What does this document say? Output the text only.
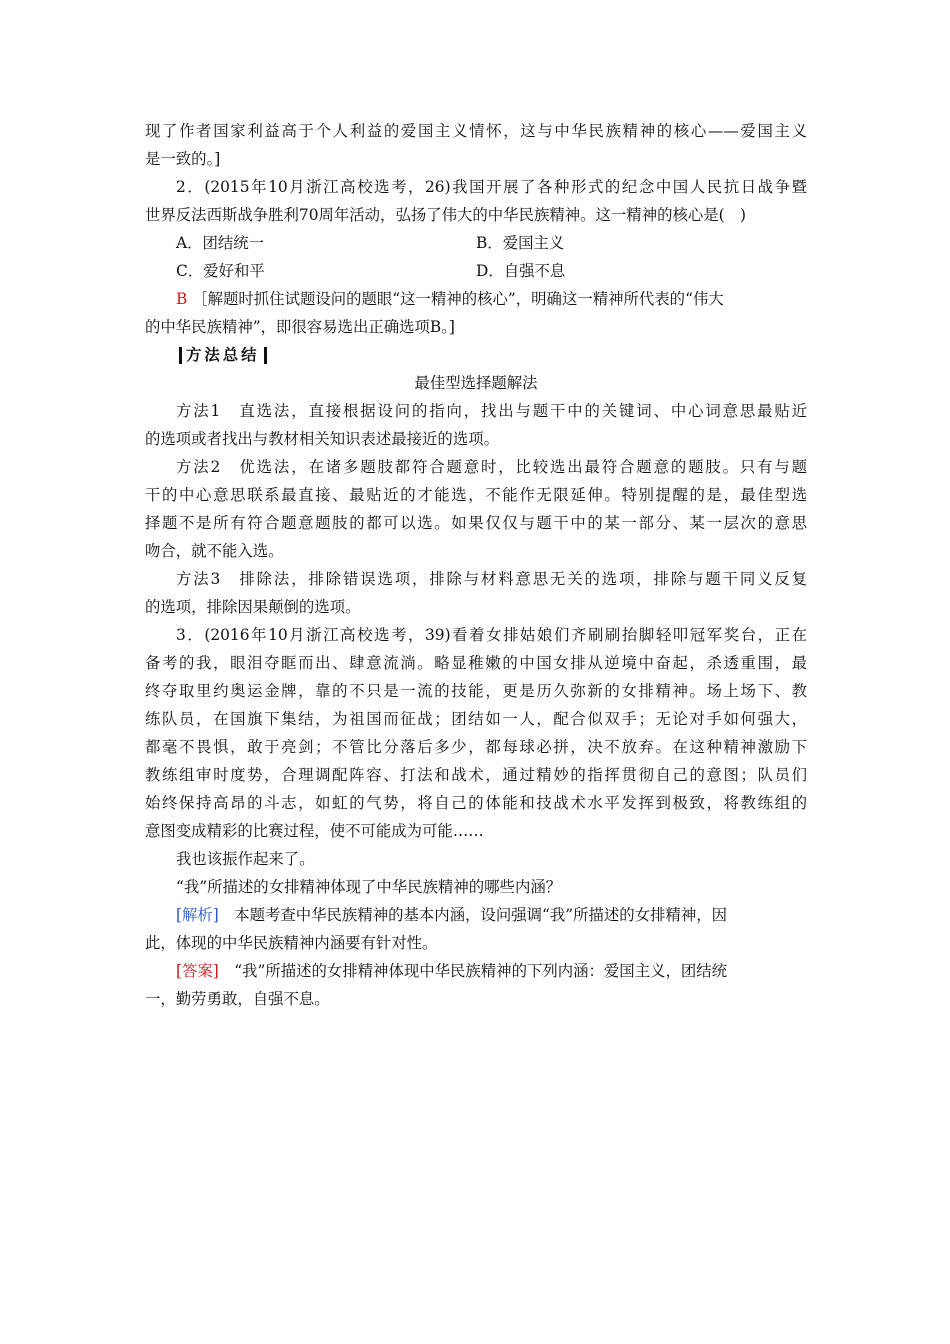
现了作者国家利益高于个人利益的爱国主义情怀，这与中华民族精神的核心——爱国主义
是一致的。]
2．(2015年10月浙江高校选考，26)我国开展了各种形式的纪念中国人民抗日战争暨
世界反法西斯战争胜利70周年活动，弘扬了伟大的中华民族精神。这一精神的核心是(　)
A．团结统一	B．爱国主义
C．爱好和平	D．自强不息
B ［解题时抓住试题设问的题眼“这一精神的核心”，明确这一精神所代表的“伟大
的中华民族精神”，即很容易选出正确选项B。]
方法总结
最佳型选择题解法
方法1　直选法，直接根据设问的指向，找出与题干中的关键词、中心词意思最贴近
的选项或者找出与教材相关知识表述最接近的选项。
方法2　优选法，在诸多题肢都符合题意时，比较选出最符合题意的题肢。只有与题
干的中心意思联系最直接、最贴近的才能选，不能作无限延伸。特别提醒的是，最佳型选
择题不是所有符合题意题肢的都可以选。如果仅仅与题干中的某一部分、某一层次的意思
吻合，就不能入选。
方法3　排除法，排除错误选项，排除与材料意思无关的选项，排除与题干同义反复
的选项，排除因果颠倒的选项。
3．(2016年10月浙江高校选考，39)看着女排姑娘们齐刷刷抬脚轻叩冠军奖台，正在
备考的我，眼泪夺眶而出、肆意流淌。略显稚嫩的中国女排从逆境中奋起，杀透重围，最
终夺取里约奥运金牌，靠的不只是一流的技能，更是历久弥新的女排精神。场上场下、教
练队员，在国旗下集结，为祖国而征战；团结如一人，配合似双手；无论对手如何强大，
都毫不畏惧，敢于亮剑；不管比分落后多少，都每球必拼，决不放弃。在这种精神激励下
教练组审时度势，合理调配阵容、打法和战术，通过精妙的指挥贯彻自己的意图；队员们
始终保持高昂的斗志，如虹的气势，将自己的体能和技战术水平发挥到极致，将教练组的
意图变成精彩的比赛过程，使不可能成为可能……
我也该振作起来了。
“我”所描述的女排精神体现了中华民族精神的哪些内涵？
[解析]　本题考查中华民族精神的基本内涵，设问强调“我”所描述的女排精神，因
此，体现的中华民族精神内涵要有针对性。
[答案]　“我”所描述的女排精神体现中华民族精神的下列内涵：爱国主义，团结统
一，勤劳勇敢，自强不息。
